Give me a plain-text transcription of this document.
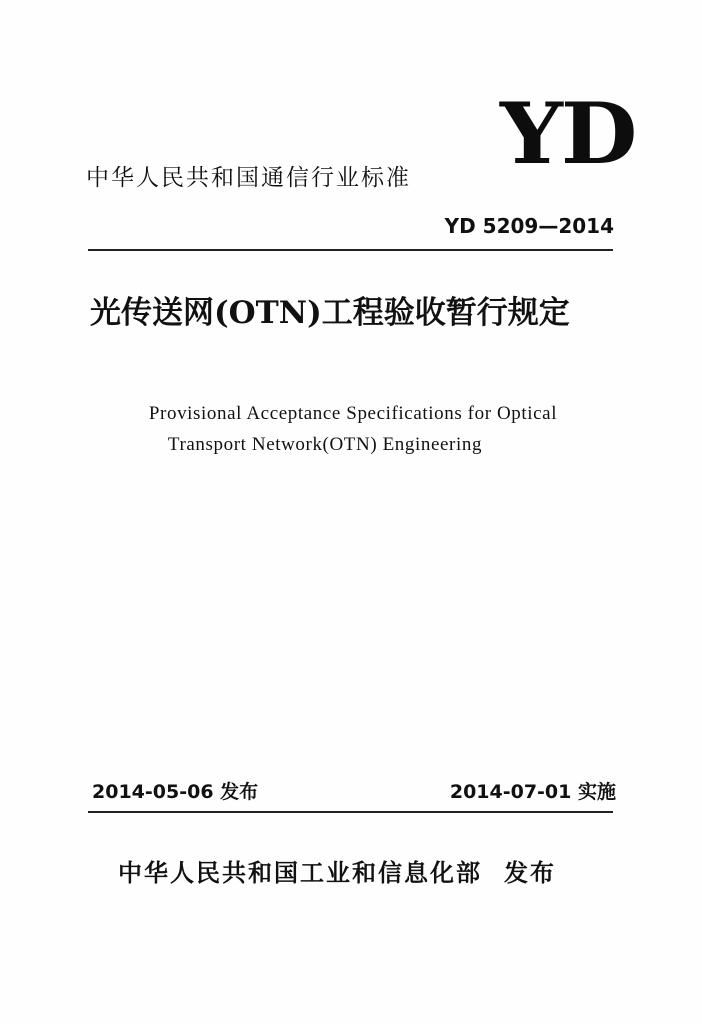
YD
中华人民共和国通信行业标准
YD 5209—2014
光传送网(OTN)工程验收暂行规定
Provisional Acceptance Specifications for Optical
Transport Network(OTN) Engineering
2014-05-06 发布	2014-07-01 实施
中华人民共和国工业和信息化部 发布
